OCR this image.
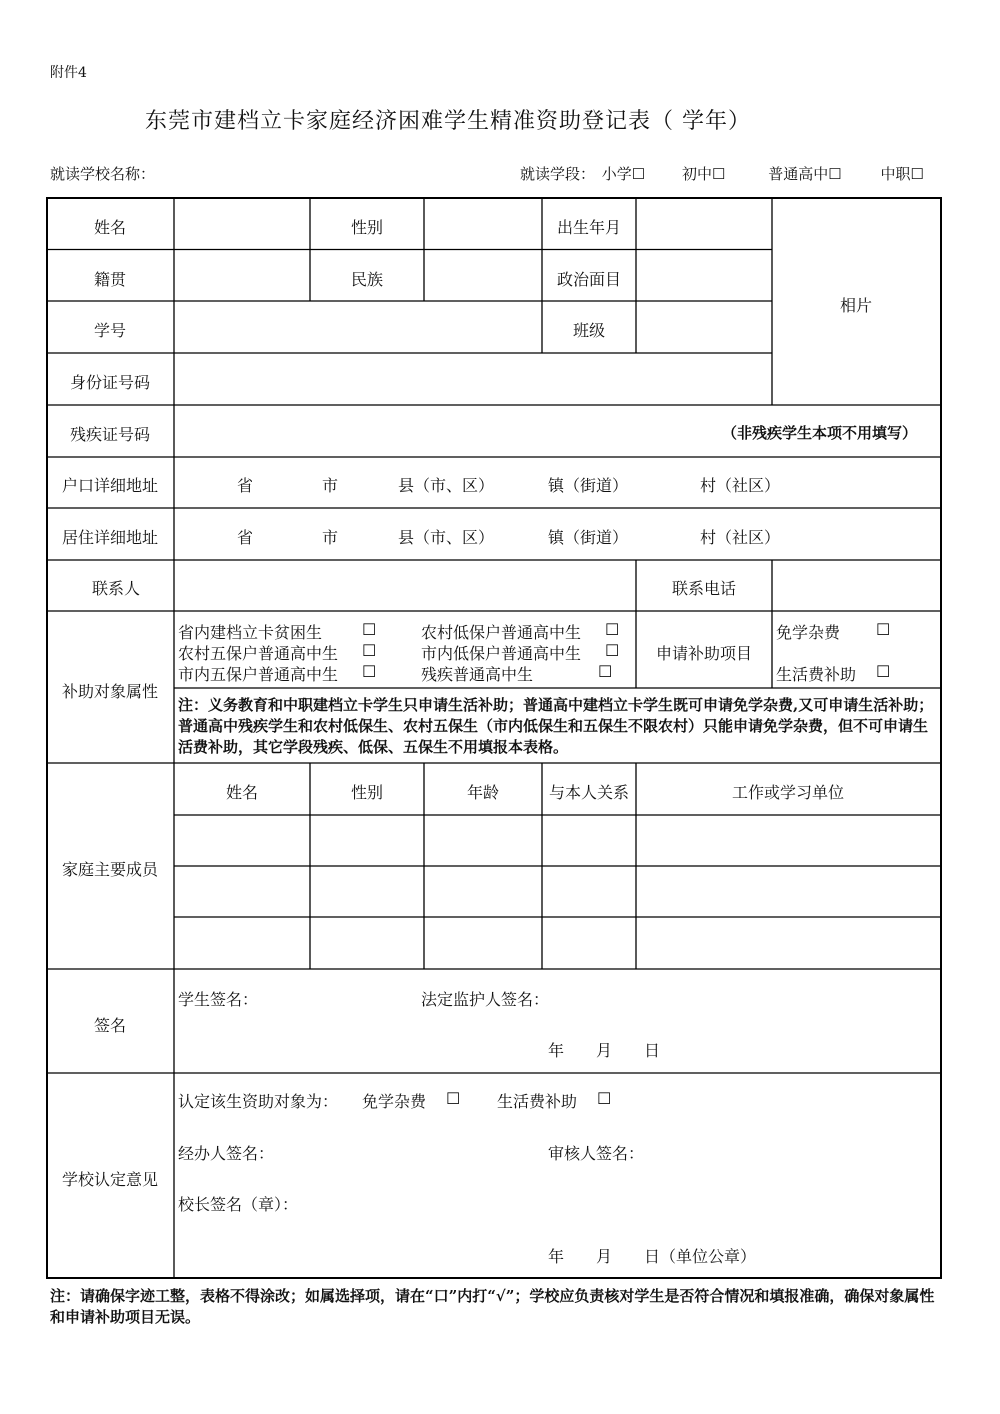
附件4
东莞市建档立卡家庭经济困难学生精准资助登记表（ 学年）
就读学校名称：	就读学段： 小学☐ 初中☐	普通高中☐	中职☐
姓名	性别	出生年月
相片
籍贯	民族	政治面目
学号	班级
身份证号码
残疾证号码	（非残疾学生本项不用填写）
户口详细地址	省	市	县（市、区）	镇（街道）	村（社区）
居住详细地址	省	市	县（市、区）	镇（街道）	村（社区）
联系人	联系电话
补助对象属性
省内建档立卡贫困生 ☐	农村低保户普通高中生 ☐
农村五保户普通高中生 ☐	市内低保户普通高中生 ☐
市内五保户普通高中生 ☐	残疾普通高中生	☐
申请补助项目
免学杂费 ☐
生活费补助 ☐
注：义务教育和中职建档立卡学生只申请生活补助；普通高中建档立卡学生既可申请免学杂费,又可申请生活补助；普通高中残疾学生和农村低保生、农村五保生（市内低保生和五保生不限农村）只能申请免学杂费，但不可申请生活费补助，其它学段残疾、低保、五保生不用填报本表格。
家庭主要成员
姓名	性别	年龄	与本人关系	工作或学习单位
签名
学生签名：	法定监护人签名：
年　　月　　日
学校认定意见
认定该生资助对象为： 免学杂费 ☐ 生活费补助 ☐
经办人签名：	审核人签名：
校长签名（章）：
年　　月　　日（单位公章）
注：请确保字迹工整，表格不得涂改；如属选择项，请在“口”内打“√”；学校应负责核对学生是否符合情况和填报准确，确保对象属性和申请补助项目无误。
